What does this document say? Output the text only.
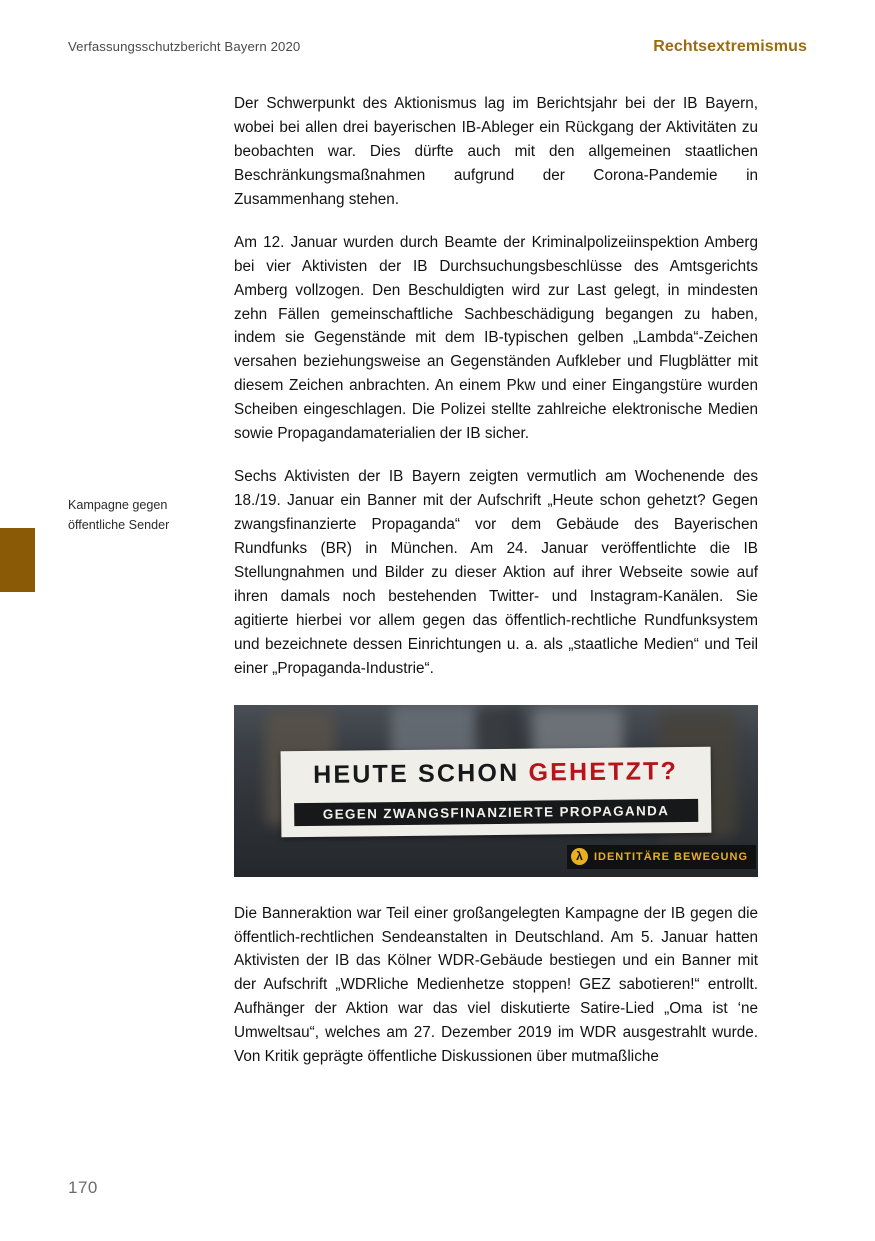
Verfassungsschutzbericht Bayern 2020	Rechtsextremismus
Kampagne gegen
öffentliche Sender

Der Schwerpunkt des Aktionismus lag im Berichtsjahr bei der IB Bayern, wobei bei allen drei bayerischen IB-Ableger ein Rückgang der Aktivitäten zu beobachten war. Dies dürfte auch mit den allgemeinen staatlichen Beschränkungsmaßnahmen aufgrund der Corona-Pandemie in Zusammenhang stehen.

Am 12. Januar wurden durch Beamte der Kriminalpolizeiinspektion Amberg bei vier Aktivisten der IB Durchsuchungsbeschlüsse des Amtsgerichts Amberg vollzogen. Den Beschuldigten wird zur Last gelegt, in mindesten zehn Fällen gemeinschaftliche Sachbeschädigung begangen zu haben, indem sie Gegenstände mit dem IB-typischen gelben „Lambda“-Zeichen versahen beziehungsweise an Gegenständen Aufkleber und Flugblätter mit diesem Zeichen anbrachten. An einem Pkw und einer Eingangstüre wurden Scheiben eingeschlagen. Die Polizei stellte zahlreiche elektronische Medien sowie Propagandamaterialien der IB sicher.

Sechs Aktivisten der IB Bayern zeigten vermutlich am Wochenende des 18./19. Januar ein Banner mit der Aufschrift „Heute schon gehetzt? Gegen zwangsfinanzierte Propaganda“ vor dem Gebäude des Bayerischen Rundfunks (BR) in München. Am 24. Januar veröffentlichte die IB Stellungnahmen und Bilder zu dieser Aktion auf ihrer Webseite sowie auf ihren damals noch bestehenden Twitter- und Instagram-Kanälen. Sie agitierte hierbei vor allem gegen das öffentlich-rechtliche Rundfunksystem und bezeichnete dessen Einrichtungen u. a. als „staatliche Medien“ und Teil einer „Propaganda-Industrie“.

HEUTE SCHON GEHETZT?
GEGEN ZWANGSFINANZIERTE PROPAGANDA
λ	IDENTITÄRE BEWEGUNG

Die Banneraktion war Teil einer großangelegten Kampagne der IB gegen die öffentlich-rechtlichen Sendeanstalten in Deutschland. Am 5. Januar hatten Aktivisten der IB das Kölner WDR-Gebäude bestiegen und ein Banner mit der Aufschrift „WDRliche Medienhetze stoppen! GEZ sabotieren!“ entrollt. Aufhänger der Aktion war das viel diskutierte Satire-Lied „Oma ist ‘ne Umweltsau“, welches am 27. Dezember 2019 im WDR ausgestrahlt wurde. Von Kritik geprägte öffentliche Diskussionen über mutmaßliche

170
